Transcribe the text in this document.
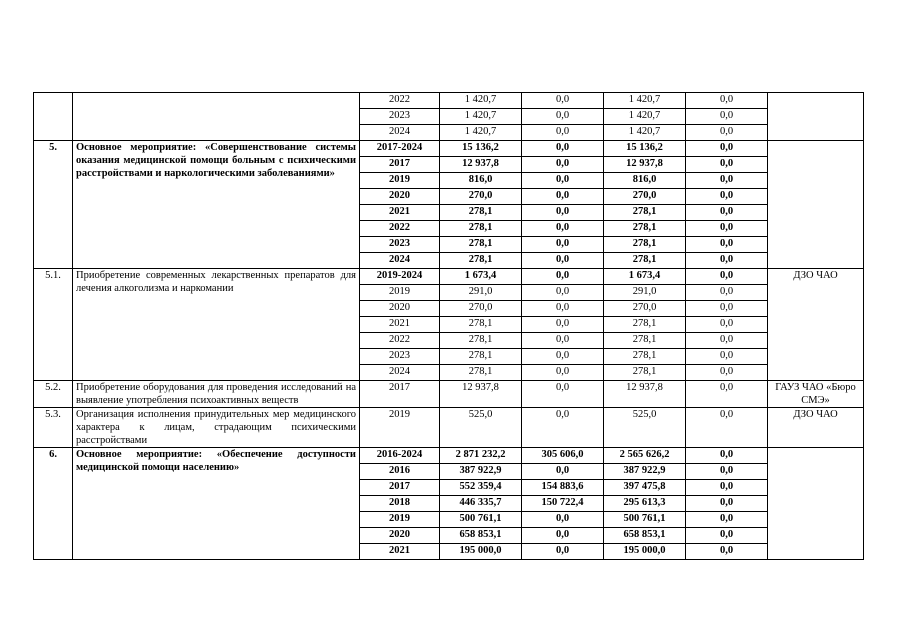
		2022	1 420,7	0,0	1 420,7	0,0	
		2023	1 420,7	0,0	1 420,7	0,0	
		2024	1 420,7	0,0	1 420,7	0,0	
5.	Основное мероприятие: «Совершенствование системы оказания медицинской помощи больным с психическими расстройствами и наркологическими заболеваниями»	2017-2024	15 136,2	0,0	15 136,2	0,0	
		2017	12 937,8	0,0	12 937,8	0,0	
		2019	816,0	0,0	816,0	0,0	
		2020	270,0	0,0	270,0	0,0	
		2021	278,1	0,0	278,1	0,0	
		2022	278,1	0,0	278,1	0,0	
		2023	278,1	0,0	278,1	0,0	
		2024	278,1	0,0	278,1	0,0	
5.1.	Приобретение современных лекарственных препаратов для лечения алкоголизма и наркомании	2019-2024	1 673,4	0,0	1 673,4	0,0	ДЗО ЧАО
		2019	291,0	0,0	291,0	0,0	
		2020	270,0	0,0	270,0	0,0	
		2021	278,1	0,0	278,1	0,0	
		2022	278,1	0,0	278,1	0,0	
		2023	278,1	0,0	278,1	0,0	
		2024	278,1	0,0	278,1	0,0	
5.2.	Приобретение оборудования для проведения исследований на выявление употребления психоактивных веществ	2017	12 937,8	0,0	12 937,8	0,0	ГАУЗ ЧАО «Бюро СМЭ»
5.3.	Организация исполнения принудительных мер медицинского характера к лицам, страдающим психическими расстройствами	2019	525,0	0,0	525,0	0,0	ДЗО ЧАО
6.	Основное мероприятие: «Обеспечение доступности медицинской помощи населению»	2016-2024	2 871 232,2	305 606,0	2 565 626,2	0,0	
		2016	387 922,9	0,0	387 922,9	0,0	
		2017	552 359,4	154 883,6	397 475,8	0,0	
		2018	446 335,7	150 722,4	295 613,3	0,0	
		2019	500 761,1	0,0	500 761,1	0,0	
		2020	658 853,1	0,0	658 853,1	0,0	
		2021	195 000,0	0,0	195 000,0	0,0	
